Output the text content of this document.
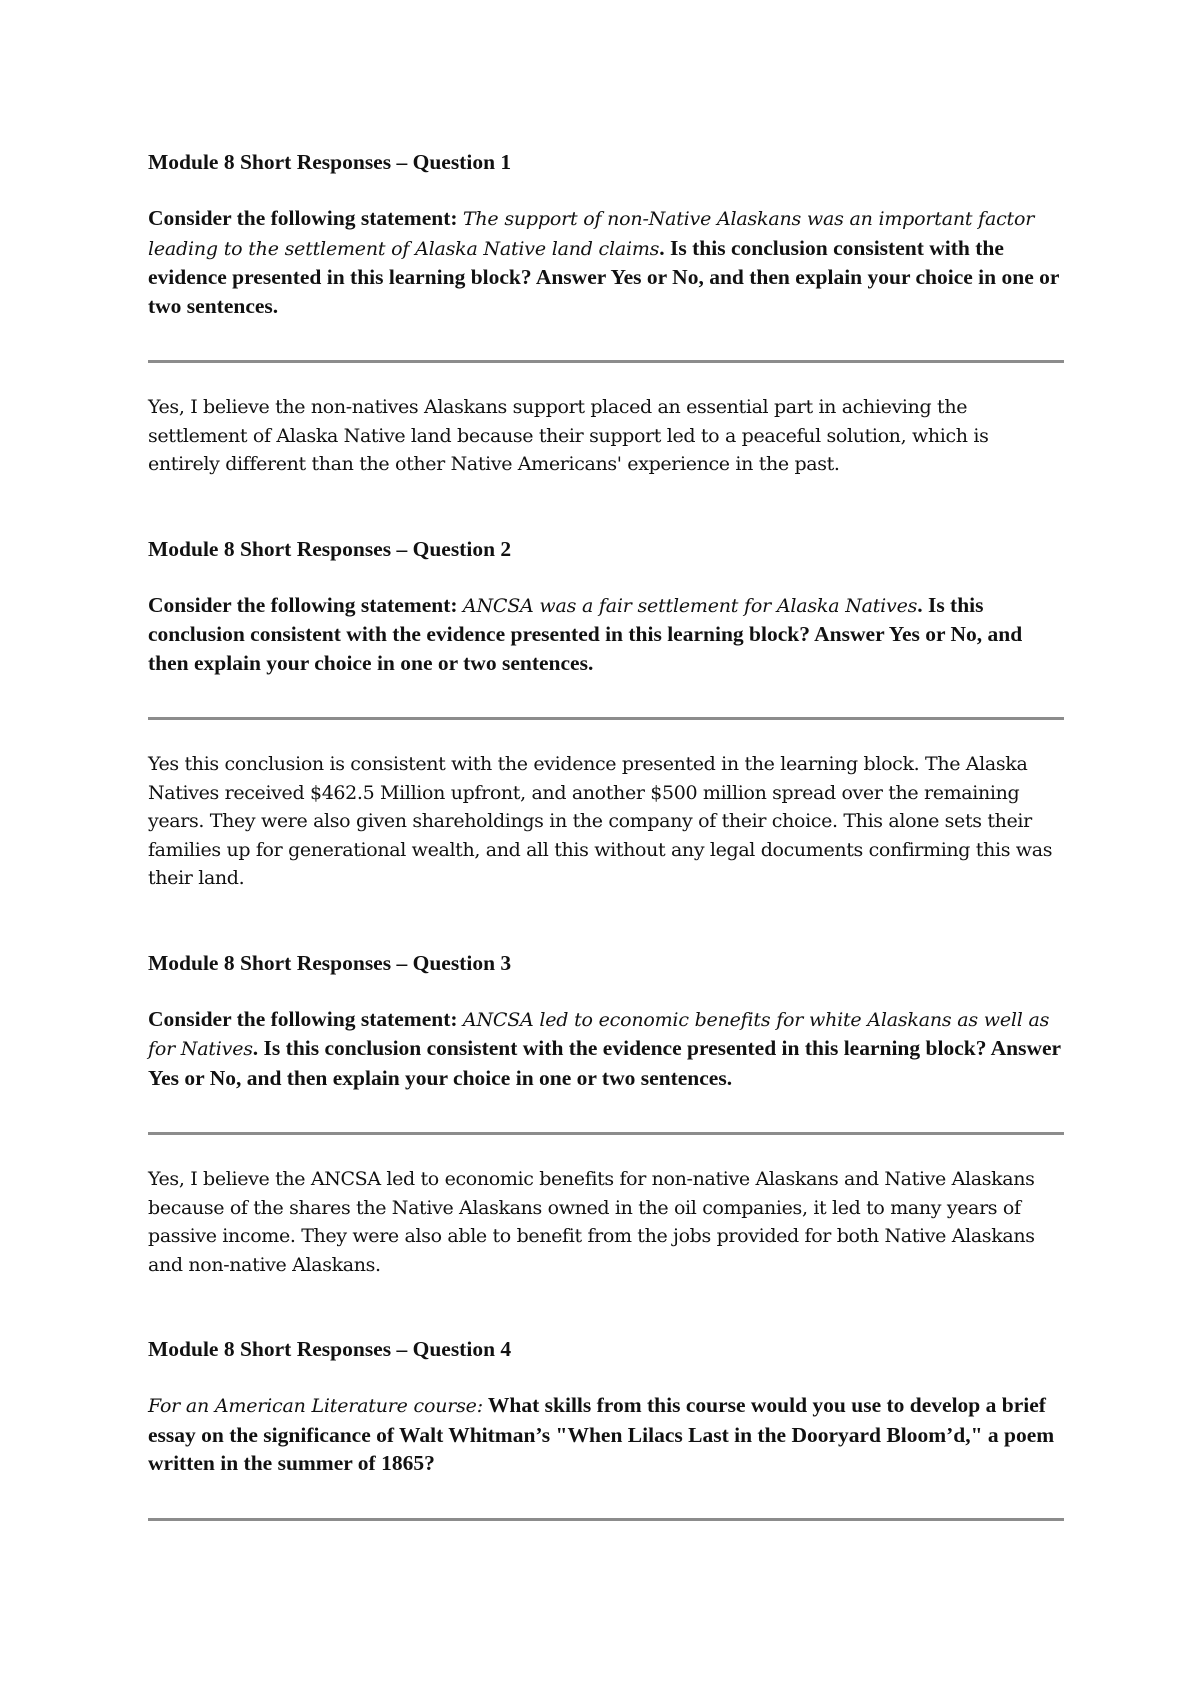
Module 8 Short Responses – Question 1

Consider the following statement: The support of non-Native Alaskans was an important factor leading to the settlement of Alaska Native land claims. Is this conclusion consistent with the evidence presented in this learning block? Answer Yes or No, and then explain your choice in one or two sentences.

Yes, I believe the non-natives Alaskans support placed an essential part in achieving the settlement of Alaska Native land because their support led to a peaceful solution, which is entirely different than the other Native Americans' experience in the past.

Module 8 Short Responses – Question 2

Consider the following statement: ANCSA was a fair settlement for Alaska Natives. Is this conclusion consistent with the evidence presented in this learning block? Answer Yes or No, and then explain your choice in one or two sentences.

Yes this conclusion is consistent with the evidence presented in the learning block. The Alaska Natives received $462.5 Million upfront, and another $500 million spread over the remaining years. They were also given shareholdings in the company of their choice. This alone sets their families up for generational wealth, and all this without any legal documents confirming this was their land.

Module 8 Short Responses – Question 3

Consider the following statement: ANCSA led to economic benefits for white Alaskans as well as for Natives. Is this conclusion consistent with the evidence presented in this learning block? Answer Yes or No, and then explain your choice in one or two sentences.

Yes, I believe the ANCSA led to economic benefits for non-native Alaskans and Native Alaskans because of the shares the Native Alaskans owned in the oil companies, it led to many years of passive income. They were also able to benefit from the jobs provided for both Native Alaskans and non-native Alaskans.

Module 8 Short Responses – Question 4

For an American Literature course: What skills from this course would you use to develop a brief essay on the significance of Walt Whitman’s "When Lilacs Last in the Dooryard Bloom’d," a poem written in the summer of 1865?
